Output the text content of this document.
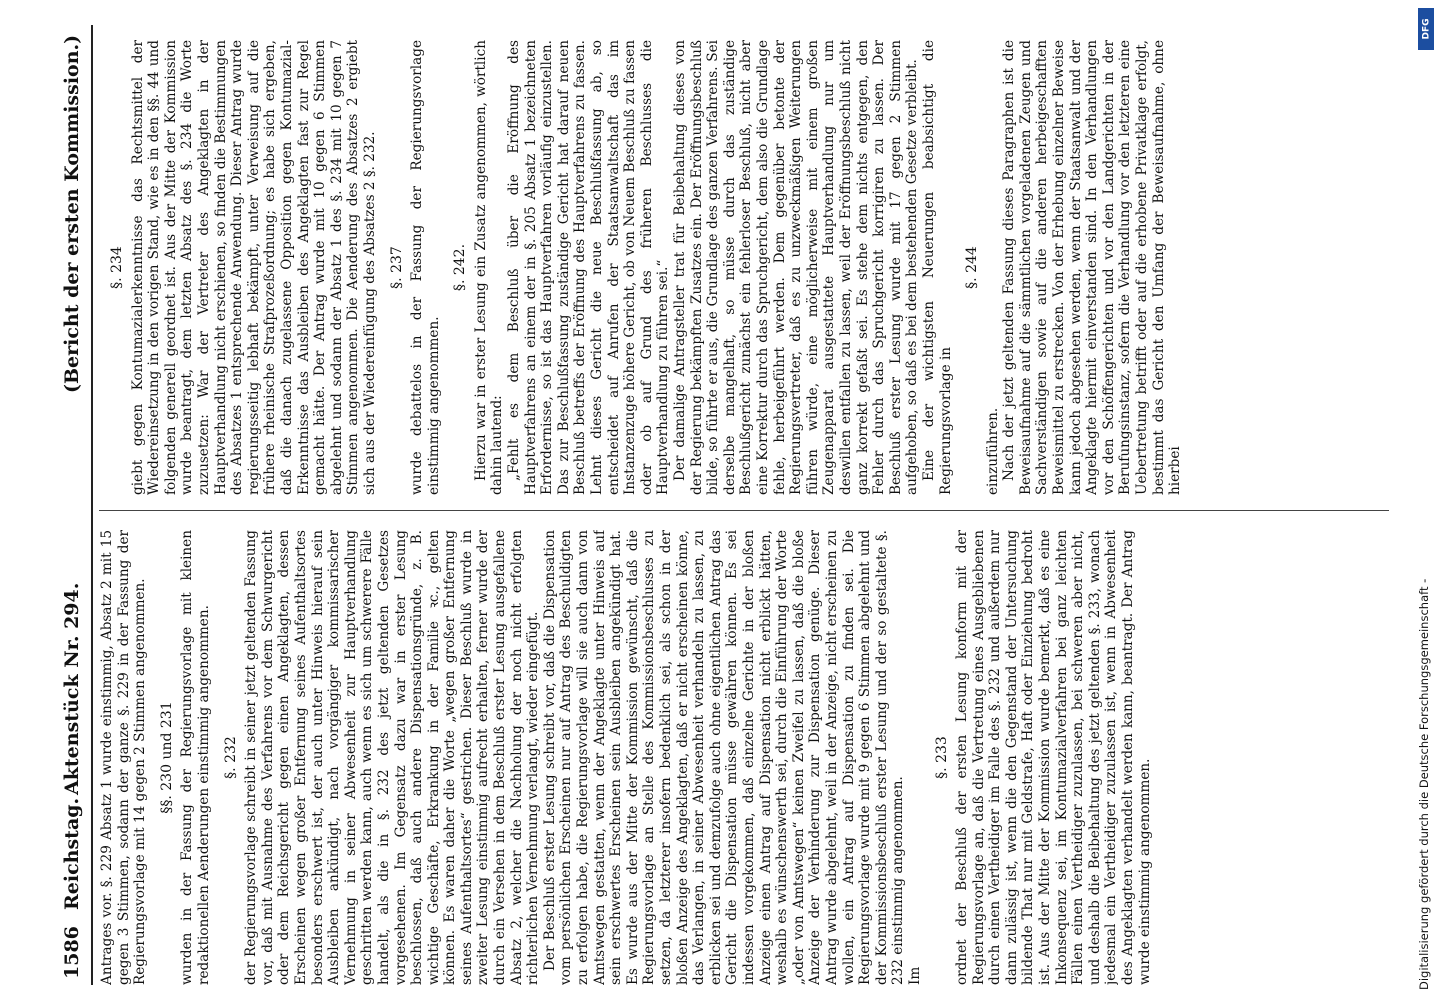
1586
Reichstag.
Aktenstück Nr. 294.
(Bericht der ersten Kommission.)

Antrages vor. §. 229 Absatz 1 wurde einstimmig, Absatz 2 mit 15 gegen 3 Stimmen, sodann der ganze §. 229 in der Fassung der Regierungsvorlage mit 14 gegen 2 Stimmen angenommen. §§. 230 und 231 wurden in der Fassung der Regierungsvorlage mit kleinen redaktionellen Aenderungen einstimmig angenommen. §. 232 der Regierungsvorlage schreibt in seiner jetzt geltenden Fassung vor, daß mit Ausnahme des Verfahrens vor dem Schwurgericht oder dem Reichsgericht gegen einen Angeklagten, dessen Erscheinen wegen großer Entfernung seines Aufenthaltsortes besonders erschwert ist, der auch unter Hinweis hierauf sein Ausbleiben ankündigt, nach vorgängiger kommissarischer Vernehmung in seiner Abwesenheit zur Hauptverhandlung geschritten werden kann, auch wenn es sich um schwerere Fälle handelt, als die in §. 232 des jetzt geltenden Gesetzes vorgesehenen. Im Gegensatz dazu war in erster Lesung beschlossen, daß auch andere Dispensationsgründe, z. B. wichtige Geschäfte, Erkrankung in der Familie ꝛc., gelten können. Es waren daher die Worte „wegen großer Entfernung seines Aufenthaltsortes“ gestrichen. Dieser Beschluß wurde in zweiter Lesung einstimmig aufrecht erhalten, ferner wurde der durch ein Versehen in dem Beschluß erster Lesung ausgefallene Absatz 2, welcher die Nachholung der noch nicht erfolgten richterlichen Vernehmung verlangt, wieder eingefügt. Der Beschluß erster Lesung schreibt vor, daß die Dispensation vom persönlichen Erscheinen nur auf Antrag des Beschuldigten zu erfolgen habe, die Regierungsvorlage will sie auch dann von Amtswegen gestatten, wenn der Angeklagte unter Hinweis auf sein erschwertes Erscheinen sein Ausbleiben angekündigt hat. Es wurde aus der Mitte der Kommission gewünscht, daß die Regierungsvorlage an Stelle des Kommissionsbeschlusses zu setzen, da letzterer insofern bedenklich sei, als schon in der bloßen Anzeige des Angeklagten, daß er nicht erscheinen könne, das Verlangen, in seiner Abwesenheit verhandeln zu lassen, zu erblicken sei und demzufolge auch ohne eigentlichen Antrag das Gericht die Dispensation müsse gewähren können. Es sei indessen vorgekommen, daß einzelne Gerichte in der bloßen Anzeige einen Antrag auf Dispensation nicht erblickt hätten, weshalb es wünschenswerth sei, durch die Einführung der Worte „oder von Amtswegen“ keinen Zweifel zu lassen, daß die bloße Anzeige der Verhinderung zur Dispensation genüge. Dieser Antrag wurde abgelehnt, weil in der Anzeige, nicht erscheinen zu wollen, ein Antrag auf Dispensation zu finden sei. Die Regierungsvorlage wurde mit 9 gegen 6 Stimmen abgelehnt und der Kommissionsbeschluß erster Lesung und der so gestaltete §. 232 einstimmig angenommen. Im

§. 233 ordnet der Beschluß der ersten Lesung konform mit der Regierungsvorlage an, daß die Vertretung eines Ausgebliebenen durch einen Vertheidiger im Falle des §. 232 und außerdem nur dann zulässig ist, wenn die den Gegenstand der Untersuchung bildende That nur mit Geldstrafe, Haft oder Einziehung bedroht ist. Aus der Mitte der Kommission wurde bemerkt, daß es eine Inkonsequenz sei, im Kontumazialverfahren bei ganz leichten Fällen einen Vertheidiger zuzulassen, bei schweren aber nicht, und deshalb die Beibehaltung des jetzt geltenden §. 233, wonach jedesmal ein Vertheidiger zuzulassen ist, wenn in Abwesenheit des Angeklagten verhandelt werden kann, beantragt. Der Antrag wurde einstimmig angenommen.

§. 234 giebt gegen Kontumazialerkenntnisse das Rechtsmittel der Wiedereinsetzung in den vorigen Stand, wie es in den §§. 44 und folgenden generell geordnet ist. Aus der Mitte der Kommission wurde beantragt, dem letzten Absatz des §. 234 die Worte zuzusetzen: War der Vertreter des Angeklagten in der Hauptverhandlung nicht erschienen, so finden die Bestimmungen des Absatzes 1 entsprechende Anwendung. Dieser Antrag wurde regierungsseitig lebhaft bekämpft, unter Verweisung auf die frühere rheinische Strafprozeßordnung; es habe sich ergeben, daß die danach zugelassene Opposition gegen Kontumazial-Erkenntnisse das Ausbleiben des Angeklagten fast zur Regel gemacht hätte. Der Antrag wurde mit 10 gegen 6 Stimmen abgelehnt und sodann der Absatz 1 des §. 234 mit 10 gegen 7 Stimmen angenommen. Die Aenderung des Absatzes 2 ergiebt sich aus der Wiedereinfügung des Absatzes 2 §. 232. §. 237 wurde debattelos in der Fassung der Regierungsvorlage einstimmig angenommen.

§. 242. Hierzu war in erster Lesung ein Zusatz angenommen, wörtlich dahin lautend: „Fehlt es dem Beschluß über die Eröffnung des Hauptverfahrens an einem der in §. 205 Absatz 1 bezeichneten Erfordernisse, so ist das Hauptverfahren vorläufig einzustellen. Das zur Beschlußfassung zuständige Gericht hat darauf neuen Beschluß betreffs der Eröffnung des Hauptverfahrens zu fassen. Lehnt dieses Gericht die neue Beschlußfassung ab, so entscheidet auf Anrufen der Staatsanwaltschaft das im Instanzenzuge höhere Gericht, ob von Neuem Beschluß zu fassen oder ob auf Grund des früheren Beschlusses die Hauptverhandlung zu führen sei.“ Der damalige Antragsteller trat für Beibehaltung dieses von der Regierung bekämpften Zusatzes ein. Der Eröffnungsbeschluß bilde, so führte er aus, die Grundlage des ganzen Verfahrens. Sei derselbe mangelhaft, so müsse durch das zuständige Beschlußgericht zunächst ein fehlerloser Beschluß, nicht aber eine Korrektur durch das Spruchgericht, dem also die Grundlage fehle, herbeigeführt werden. Dem gegenüber betonte der Regierungsvertreter, daß es zu unzweckmäßigen Weiterungen führen würde, eine möglicherweise mit einem großen Zeugenapparat ausgestattete Hauptverhandlung nur um deswillen entfallen zu lassen, weil der Eröffnungsbeschluß nicht ganz korrekt gefaßt sei. Es stehe dem nichts entgegen, den Fehler durch das Spruchgericht korrigiren zu lassen. Der Beschluß erster Lesung wurde mit 17 gegen 2 Stimmen aufgehoben, so daß es bei dem bestehenden Gesetze verbleibt. Eine der wichtigsten Neuerungen beabsichtigt die Regierungsvorlage in

§. 244

einzuführen. Nach der jetzt geltenden Fassung dieses Paragraphen ist die Beweisaufnahme auf die sämmtlichen vorgeladenen Zeugen und Sachverständigen sowie auf die anderen herbeigeschafften Beweismittel zu erstrecken. Von der Erhebung einzelner Beweise kann jedoch abgesehen werden, wenn der Staatsanwalt und der Angeklagte hiermit einverstanden sind. In den Verhandlungen vor den Schöffengerichten und vor den Landgerichten in der Berufungsinstanz, sofern die Verhandlung vor den letzteren eine Uebertretung betrifft oder auf die erhobene Privatklage erfolgt, bestimmt das Gericht den Umfang der Beweisaufnahme, ohne hierbei

Digitalisierung gefördert durch die Deutsche Forschungsgemeinschaft -
DFG
